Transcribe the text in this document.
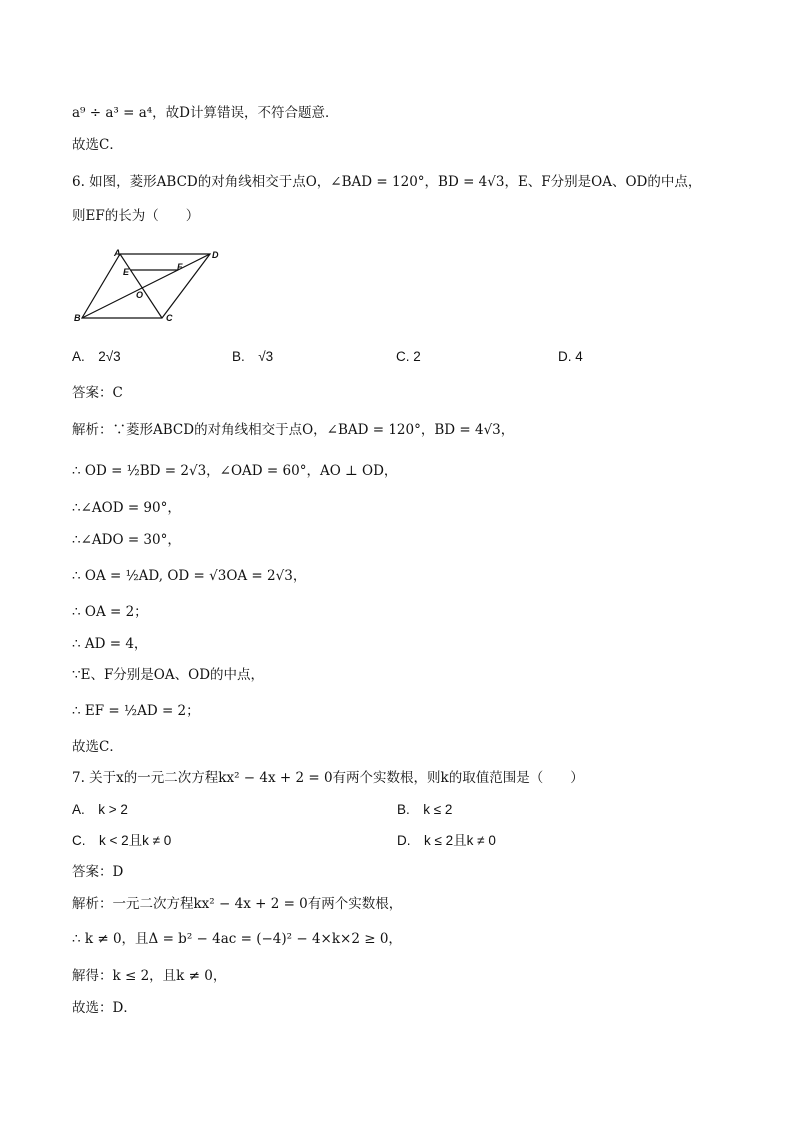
a⁹ ÷ a³ = a⁴，故D计算错误，不符合题意．
故选C．
6. 如图，菱形ABCD的对角线相交于点O，∠BAD = 120°，BD = 4√3，E、F分别是OA、OD的中点，
则EF的长为（　　）
A	D
E	F
O
B	C
A.　2√3	B.　√3	C. 2	D. 4
答案：C
解析：∵菱形ABCD的对角线相交于点O，∠BAD = 120°，BD = 4√3，
∴ OD = ½BD = 2√3，∠OAD = 60°，AO ⊥ OD，
∴∠AOD = 90°，
∴∠ADO = 30°，
∴ OA = ½AD, OD = √3OA = 2√3，
∴ OA = 2；
∴ AD = 4，
∵E、F分别是OA、OD的中点，
∴ EF = ½AD = 2；
故选C．
7. 关于x的一元二次方程kx² − 4x + 2 = 0有两个实数根，则k的取值范围是（　　）
A.　k > 2	B.　k ≤ 2
C.　k < 2且k ≠ 0	D.　k ≤ 2且k ≠ 0
答案：D
解析：一元二次方程kx² − 4x + 2 = 0有两个实数根，
∴ k ≠ 0，且Δ = b² − 4ac = (−4)² − 4×k×2 ≥ 0，
解得：k ≤ 2，且k ≠ 0，
故选：D．
